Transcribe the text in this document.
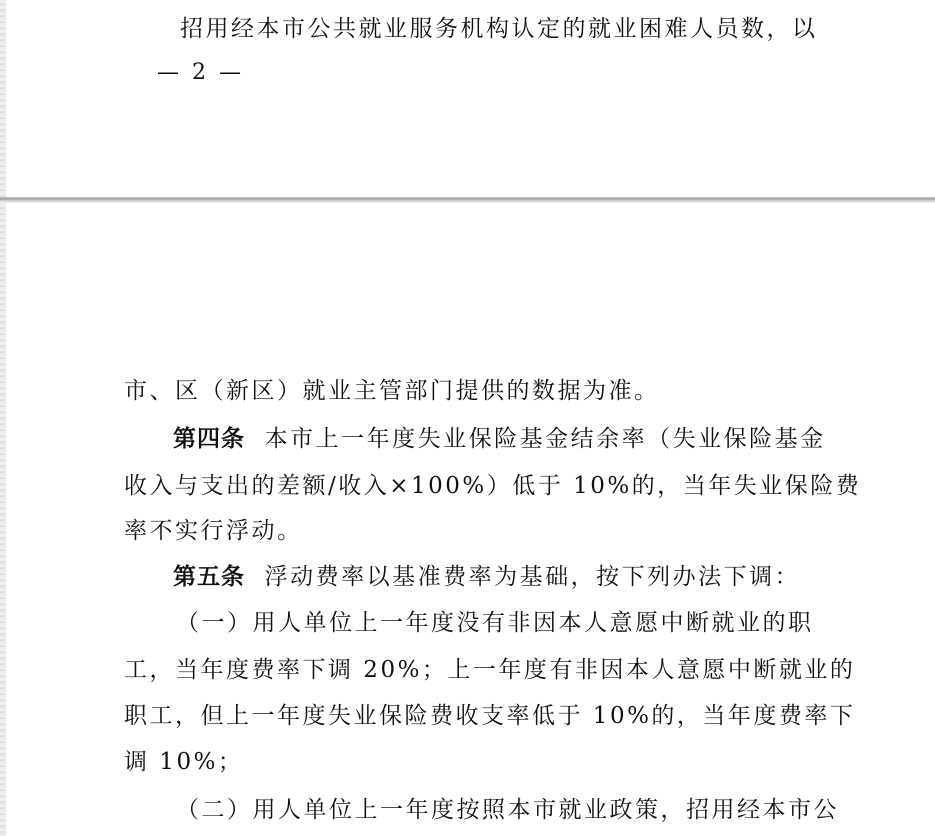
招用经本市公共就业服务机构认定的就业困难人员数，以
— 2 —
市、区（新区）就业主管部门提供的数据为准。
第四条 本市上一年度失业保险基金结余率（失业保险基金
收入与支出的差额/收入×100%）低于 10%的，当年失业保险费
率不实行浮动。
第五条 浮动费率以基准费率为基础，按下列办法下调：
（一）用人单位上一年度没有非因本人意愿中断就业的职
工，当年度费率下调 20%；上一年度有非因本人意愿中断就业的
职工，但上一年度失业保险费收支率低于 10%的，当年度费率下
调 10%；
（二）用人单位上一年度按照本市就业政策，招用经本市公
